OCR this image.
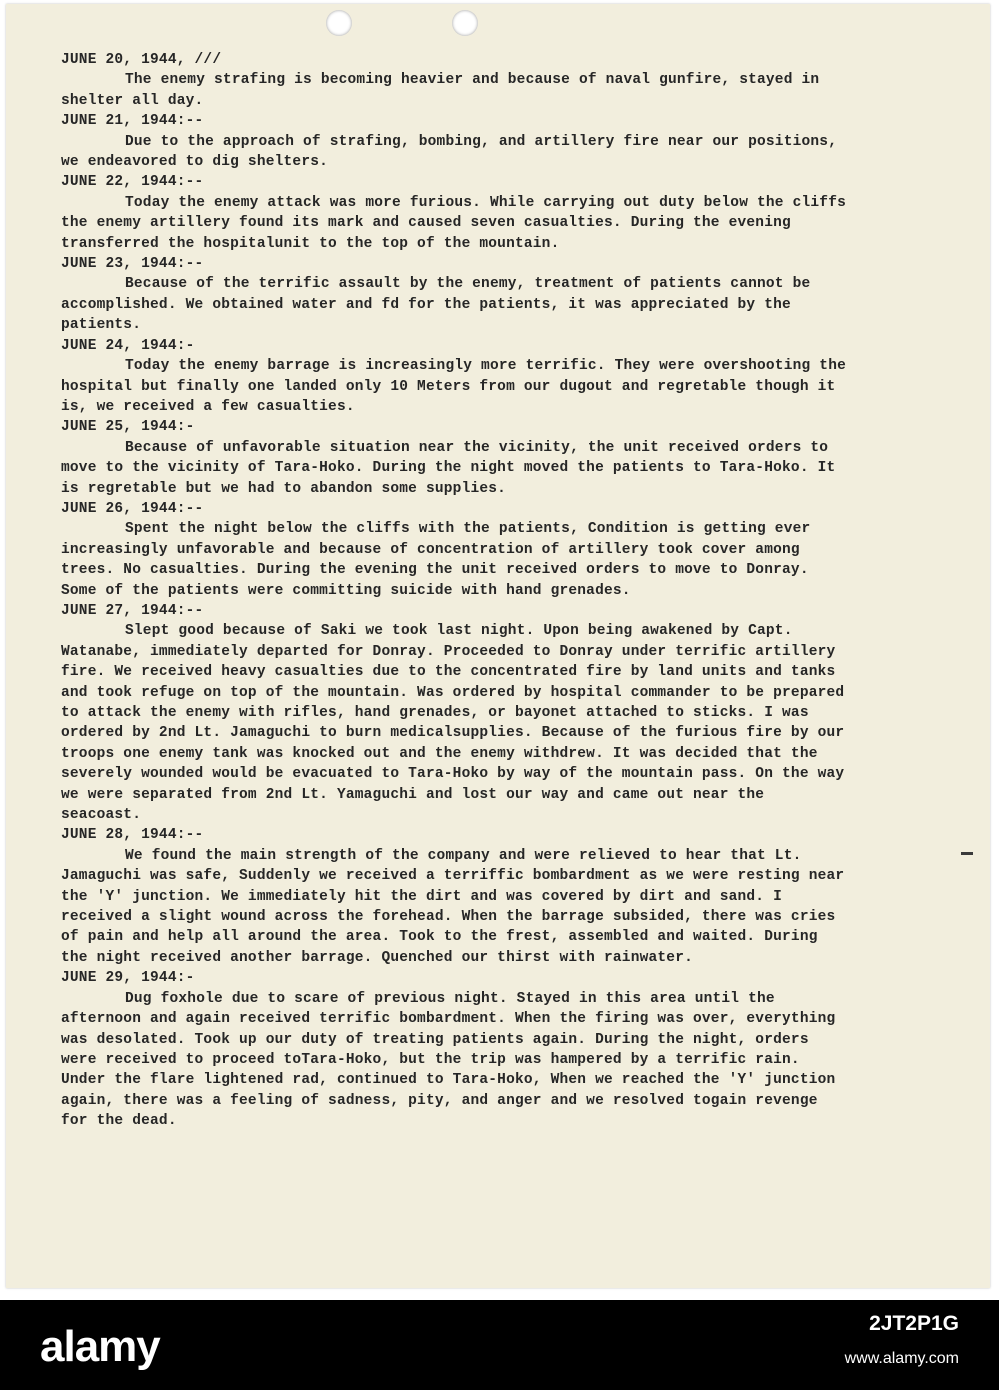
JUNE 20, 1944, ///

The enemy strafing is becoming heavier and because of naval gunfire, stayed in shelter all day.

JUNE 21, 1944:--

Due to the approach of strafing, bombing, and artillery fire near our positions, we endeavored to dig shelters.

JUNE 22, 1944:--

Today the enemy attack was more furious. While carrying out duty below the cliffs the enemy artillery found its mark and caused seven casualties. During the evening transferred the hospitalunit to the top of the mountain.

JUNE 23, 1944:--

Because of the terrific assault by the enemy, treatment of patients cannot be accomplished. We obtained water and fd for the patients, it was appreciated by the patients.

JUNE 24, 1944:-

Today the enemy barrage is increasingly more terrific. They were overshooting the hospital but finally one landed only 10 Meters from our dugout and regretable though it is, we received a few casualties.

JUNE 25, 1944:-

Because of unfavorable situation near the vicinity, the unit received orders to move to the vicinity of Tara-Hoko. During the night moved the patients to Tara-Hoko. It is regretable but we had to abandon some supplies.

JUNE 26, 1944:--

Spent the night below the cliffs with the patients, Condition is getting ever increasingly unfavorable and because of concentration of artillery took cover among trees. No casualties. During the evening the unit received orders to move to Donray. Some of the patients were committing suicide with hand grenades.

JUNE 27, 1944:--

Slept good because of Saki we took last night. Upon being awakened by Capt. Watanabe, immediately departed for Donray. Proceeded to Donray under terrific artillery fire. We received heavy casualties due to the concentrated fire by land units and tanks and took refuge on top of the mountain. Was ordered by hospital commander to be prepared to attack the enemy with rifles, hand grenades, or bayonet attached to sticks. I was ordered by 2nd Lt. Jamaguchi to burn medicalsupplies. Because of the furious fire by our troops one enemy tank was knocked out and the enemy withdrew. It was decided that the severely wounded would be evacuated to Tara-Hoko by way of the mountain pass. On the way we were separated from 2nd Lt. Yamaguchi and lost our way and came out near the seacoast.

JUNE 28, 1944:--

We found the main strength of the company and were relieved to hear that Lt. Jamaguchi was safe, Suddenly we received a terriffic bombardment as we were resting near the 'Y' junction. We immediately hit the dirt and was covered by dirt and sand. I received a slight wound across the forehead. When the barrage subsided, there was cries of pain and help all around the area. Took to the frest, assembled and waited. During the night received another barrage. Quenched our thirst with rainwater.

JUNE 29, 1944:-

Dug foxhole due to scare of previous night. Stayed in this area until the afternoon and again received terrific bombardment. When the firing was over, everything was desolated. Took up our duty of treating patients again. During the night, orders were received to proceed toTara-Hoko, but the trip was hampered by a terrific rain. Under the flare lightened rad, continued to Tara-Hoko, When we reached the 'Y' junction again, there was a feeling of sadness, pity, and anger and we resolved togain revenge for the dead.

alamy	2JT2P1G
www.alamy.com
